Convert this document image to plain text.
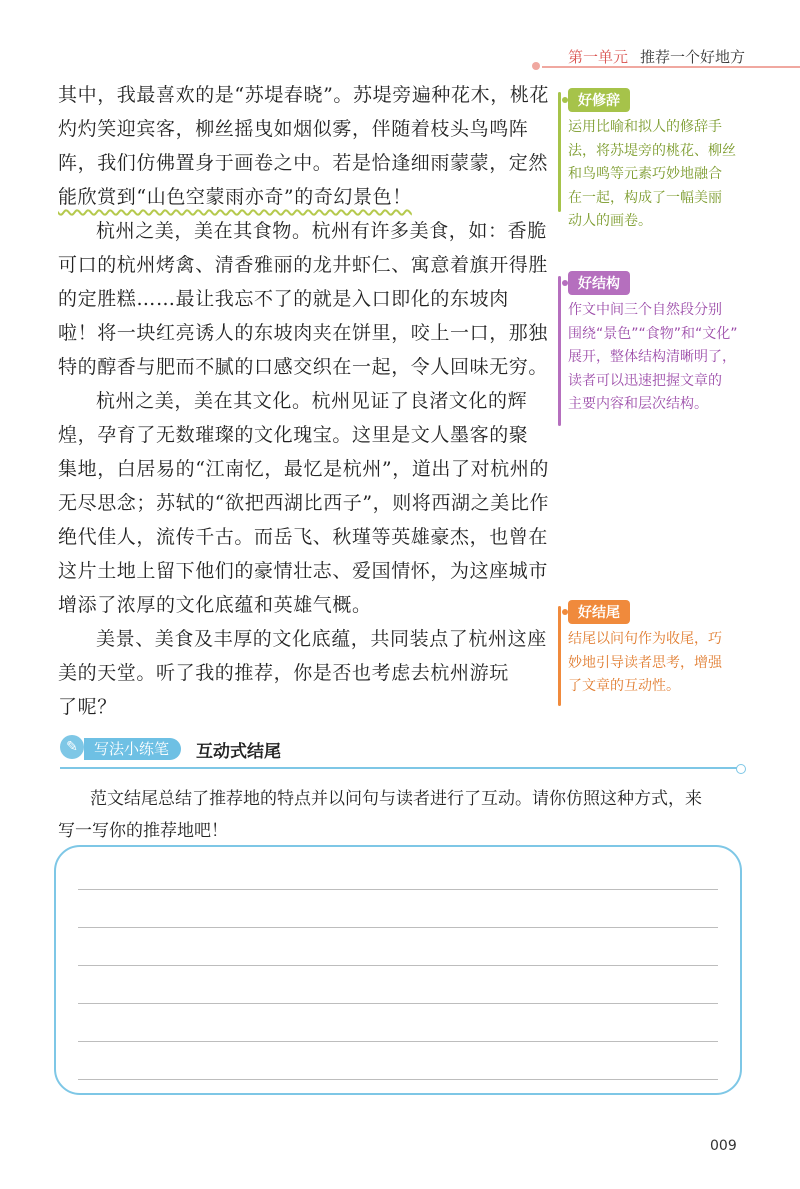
第一单元 推荐一个好地方
其中，我最喜欢的是“苏堤春晓”。苏堤旁遍种花木，桃花
灼灼笑迎宾客，柳丝摇曳如烟似雾，伴随着枝头鸟鸣阵
阵，我们仿佛置身于画卷之中。若是恰逢细雨蒙蒙，定然
能欣赏到“山色空蒙雨亦奇”的奇幻景色！
杭州之美，美在其食物。杭州有许多美食，如：香脆
可口的杭州烤禽、清香雅丽的龙井虾仁、寓意着旗开得胜
的定胜糕……最让我忘不了的就是入口即化的东坡肉
啦！将一块红亮诱人的东坡肉夹在饼里，咬上一口，那独
特的醇香与肥而不腻的口感交织在一起，令人回味无穷。
杭州之美，美在其文化。杭州见证了良渚文化的辉
煌，孕育了无数璀璨的文化瑰宝。这里是文人墨客的聚
集地，白居易的“江南忆，最忆是杭州”，道出了对杭州的
无尽思念；苏轼的“欲把西湖比西子”，则将西湖之美比作
绝代佳人，流传千古。而岳飞、秋瑾等英雄豪杰，也曾在
这片土地上留下他们的豪情壮志、爱国情怀，为这座城市
增添了浓厚的文化底蕴和英雄气概。
美景、美食及丰厚的文化底蕴，共同装点了杭州这座
美的天堂。听了我的推荐，你是否也考虑去杭州游玩
了呢？
好修辞
运用比喻和拟人的修辞手
法，将苏堤旁的桃花、柳丝
和鸟鸣等元素巧妙地融合
在一起，构成了一幅美丽
动人的画卷。
好结构
作文中间三个自然段分别
围绕“景色”“食物”和“文化”
展开，整体结构清晰明了，
读者可以迅速把握文章的
主要内容和层次结构。
好结尾
结尾以问句作为收尾，巧
妙地引导读者思考，增强
了文章的互动性。
✎	写法小练笔	互动式结尾
范文结尾总结了推荐地的特点并以问句与读者进行了互动。请你仿照这种方式，来
写一写你的推荐地吧！
009
